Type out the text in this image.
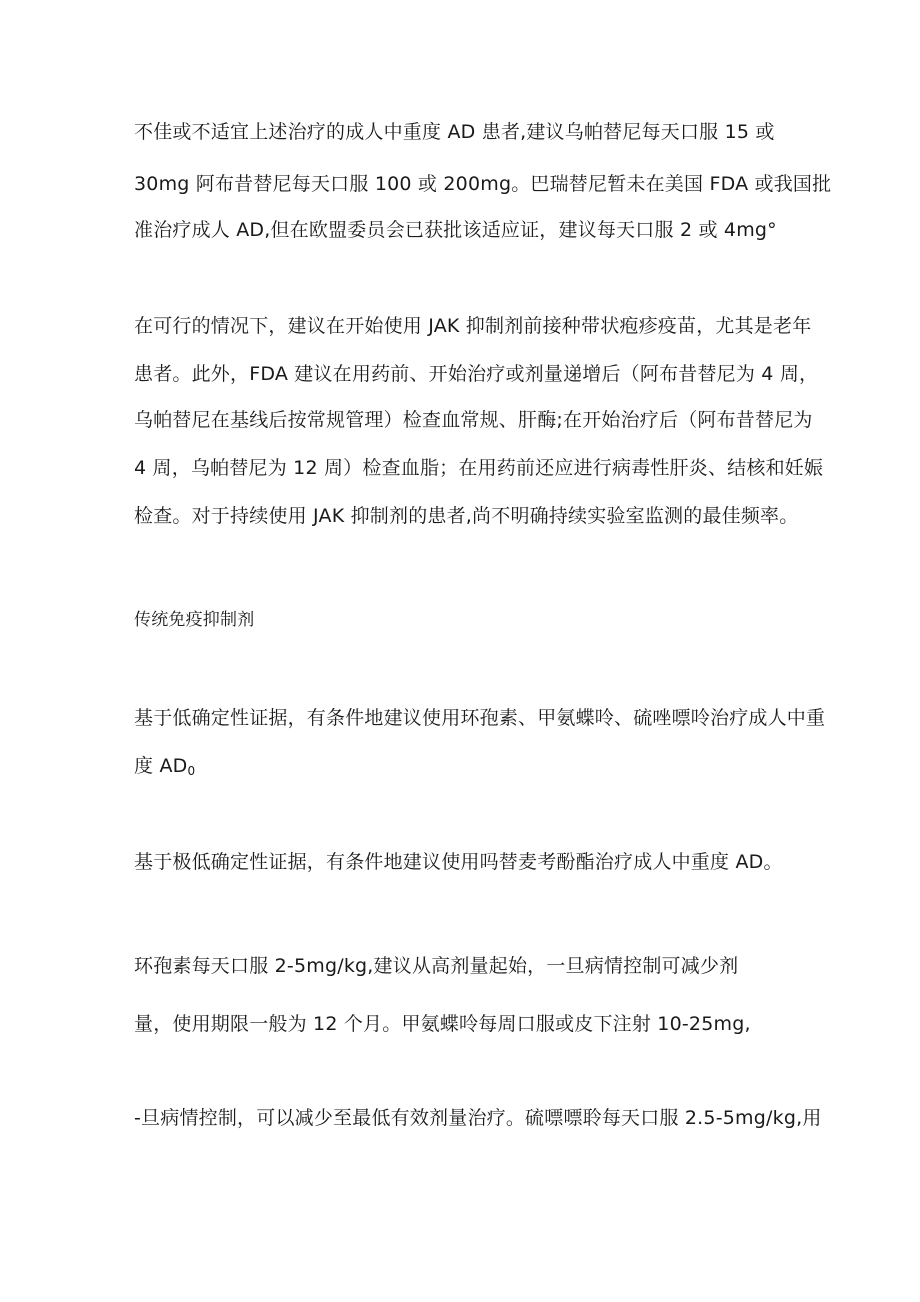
不佳或不适宜上述治疗的成人中重度 AD 患者,建议乌帕替尼每天口服 15 或
30mg 阿布昔替尼每天口服 100 或 200mg。巴瑞替尼暂未在美国 FDA 或我国批
准治疗成人 AD,但在欧盟委员会已获批该适应证，建议每天口服 2 或 4mg°
在可行的情况下，建议在开始使用 JAK 抑制剂前接种带状疱疹疫苗，尤其是老年
患者。此外，FDA 建议在用药前、开始治疗或剂量递增后（阿布昔替尼为 4 周，
乌帕替尼在基线后按常规管理）检查血常规、肝酶;在开始治疗后（阿布昔替尼为
4 周，乌帕替尼为 12 周）检查血脂；在用药前还应进行病毒性肝炎、结核和妊娠
检查。对于持续使用 JAK 抑制剂的患者,尚不明确持续实验室监测的最佳频率。
传统免疫抑制剂
基于低确定性证据，有条件地建议使用环孢素、甲氨蝶呤、硫唑嘌呤治疗成人中重
度 $AD_0$
基于极低确定性证据，有条件地建议使用吗替麦考酚酯治疗成人中重度 AD。
环孢素每天口服 2-5mg/kg,建议从高剂量起始，一旦病情控制可减少剂
量，使用期限一般为 12 个月。甲氨蝶呤每周口服或皮下注射 10-25mg,
-旦病情控制，可以减少至最低有效剂量治疗。硫嘌嘌聆每天口服 2.5-5mg/kg,用
